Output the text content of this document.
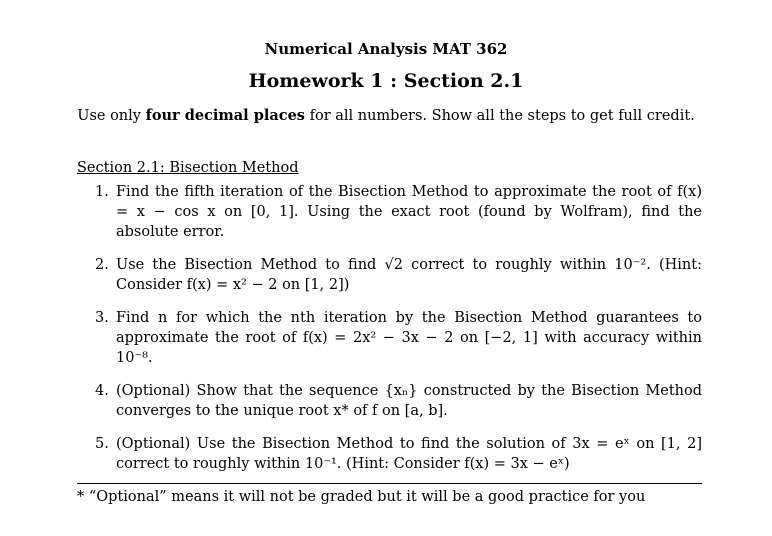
Numerical Analysis MAT 362
Homework 1 : Section 2.1
Use only four decimal places for all numbers. Show all the steps to get full credit.
Section 2.1: Bisection Method
1. Find the fifth iteration of the Bisection Method to approximate the root of f(x) = x − cos x on [0, 1]. Using the exact root (found by Wolfram), find the absolute error.
2. Use the Bisection Method to find √2 correct to roughly within 10⁻². (Hint: Consider f(x) = x² − 2 on [1, 2])
3. Find n for which the nth iteration by the Bisection Method guarantees to approximate the root of f(x) = 2x² − 3x − 2 on [−2, 1] with accuracy within 10⁻⁸.
4. (Optional) Show that the sequence {xₙ} constructed by the Bisection Method converges to the unique root x* of f on [a, b].
5. (Optional) Use the Bisection Method to find the solution of 3x = eˣ on [1, 2] correct to roughly within 10⁻¹. (Hint: Consider f(x) = 3x − eˣ)
* “Optional” means it will not be graded but it will be a good practice for you
